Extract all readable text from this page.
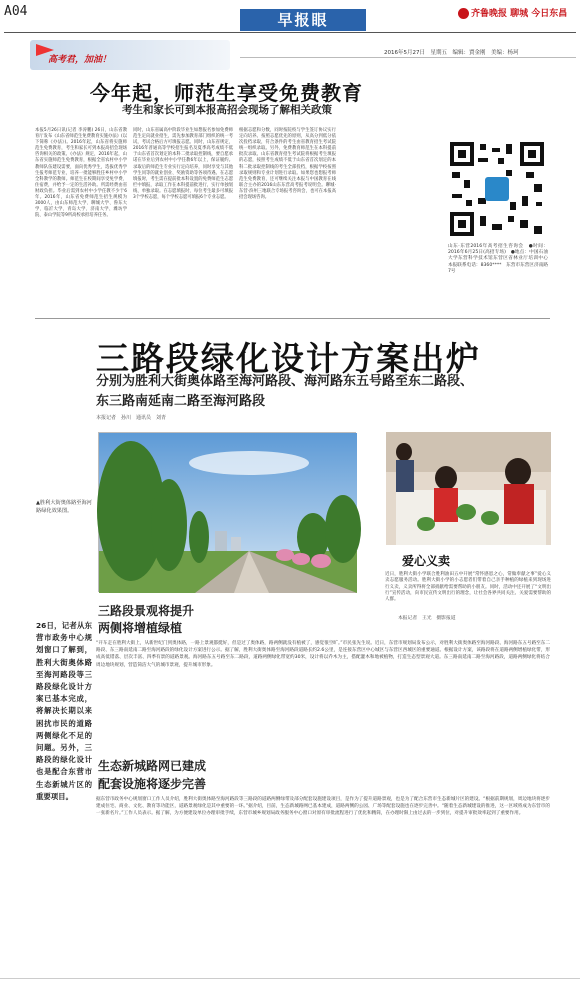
A04	早报眼	齐鲁晚报 聊城 今日东昌
高考君，加油！
2016年5月27日　星期五　编辑：賈金刚　美编：杨珂
今年起，师范生享受免费教育
考生和家长可到本报高招会现场了解相关政策
本报5月26日讯(记者 李涛鹏) 26日，山东省教育厅发布《山东省师范生免费教育实施办法》(以下简称《办法》)。2016年起，山东省将实施师范生免费教育，考生和家长可到本报高招会现场咨询相关的政策。《办法》规定，2016年起，山东省实施师范生免费教育，根据全省农村中小学教师队伍建设需要，面向优秀学生，选拔优秀学生报考师范专业，培养一批能够胜任乡村中小学全科教学的教师。师范生在校期间享受免学费、住宿费，并给予一定的生活补助。所需经费由省财政负担。毕业后需到农村中小学任教不少于6年。2016年，山东省免费师范生招生规模为3000人，由山东师范大学、聊城大学、鲁东大学、临沂大学、青岛大学、济南大学、潍坊学院、泰山学院等9所高校承担培养任务。
同时，山东省属高中阶段毕业生如想报名参加免费师范生定向就业招生，需先参加教育部门组织的统一考试，考试合格后方可填报志愿。同时，山东省规定，2016年普通高等学校招生报名及夏季高考成绩不低于山东省首次划定的本科二批录取控制线，要自愿承诺在毕业后到农村中小学任教6年以上，保证履约。录取后的师范生专业实行定向培养，同时享受与其他学生同等的就业创业、奖励资助等各项待遇。在志愿填报时，考生需在提前批本科设置的免费师范生志愿栏中填报，录取工作在本科提前批进行，实行单独划线、单独录取。在志愿填报时，每位考生最多可填报3个学校志愿，每个学校志愿可填报6个专业志愿。
根据志愿和分数，同时按院校与学生签订协议实行定向培养。按照志愿优先的原则，从高分到低分依次投档录取，符合条件的考生由省教育招生考试院统一组织录取。另外，免费教育师范生在本科提前批次录取。山东省教育招生考试院将根据考生填报的志愿，按照考生成绩不低于山东省首次划定的本科二批录取控制线的考生全部投档，根据学校按照录取规则和专业计划进行录取。如果您也想报考师范生免费教育，还可继续关注本报与中国教育在线联合主办的2016山东东营高考报考说明会。聊城·东营·滨州三地联合专场报考咨询会，也可在本报高招会现场咨询。
山东·东营2016年高考招生咨询会　●时间：2016年6月25日(高招专场)　●地点：中国石油大学东营科学技术馆东营区省林业厅培训中心　本报联系电话：8360****　东营市东营区济南路7号
三路段绿化设计方案出炉
分别为胜利大街奥体路至海河路段、海河路东五号路至东二路段、
东三路南延南二路至海河路段
本报记者　孙川　通讯员　刘青
▲胜利大街奥体路至海河路绿化效果图。
爱心义卖
近日，胜利大街小学联合胜利油田五中开展“常怀感恩之心，常做奉献之事”爱心义卖志愿服务活动。胜利大街小学的小志愿者们带着自己亲手种植的绿植来到现场进行义卖，义卖所得将全部捐献给需要帮助的小朋友。同时，活动中还开展了“文明出行”宣传活动，向市民宣传文明出行的理念，让社会各界共同关注、关爱需要帮助的人群。
本报记者　王光　摄影报道
三路段景观将提升
两侧将增植绿植
“开车走在胜利大街上，从新世纪门到奥体路，一路上景观都挺好，但是过了奥体路，路两侧就没有植被了，感觉很空旷。”市民张先生说。近日，东营市规划局发布公示，对胜利大街奥体路至海河路段、海河路东五号路至东二路段、东三路南延南二路至海河路段的绿化设计方案进行公示。据了解，胜利大街奥体路至海河路段道路长约2.6公里，是连接东营区中心城区与东营区西城区的重要通道。根据设计方案，该路段将在道路两侧增植绿化带，形成高低错落、层次丰富、四季有景的道路景观。海河路东五号路至东二路段，道路两侧绿化带宽约30米，设计将以乔木为主，搭配灌木和地被植物，打造生态型景观大道。东三路南延南二路至海河路段，道路两侧绿化将结合周边地块规划，营造简洁大气的城市景观，提升城市形象。
26日，记者从东营市政务中心规划窗口了解到，胜利大街奥体路至海河路段等三路段绿化设计方案已基本完成，将解决长期以来困扰市民的道路两侧绿化不足的问题。另外，三路段的绿化设计也是配合东营市生态新城片区的重要项目。
生态新城路网已建成
配套设施将逐步完善
据东营市政务中心规划窗口工作人员介绍，胜利大街奥体路至海河路段等三路段的道路两侧绿带及部分配套设施建设项目，是作为了提升道路景观，也是为了配合东营市生态新城片区的建设。“根据前期规划，周边地块将逐步建成住宅、商业、文化、教育等功能区，道路景观绿化是其中重要的一环。”据介绍，目前，生态新城路网已基本建成，道路两侧的公园、广场等配套设施也在逐步完善中。“随着生态新城建设的推进，这一区域将成为东营市的一张新名片。”工作人员表示。据了解，为方便建设单位办理审批手续，东营市城乡规划局政务服务中心窗口对原有审批流程进行了优化和精简，在办理时限上由过去的一步到位，对提升审批效率起到了重要作用。
